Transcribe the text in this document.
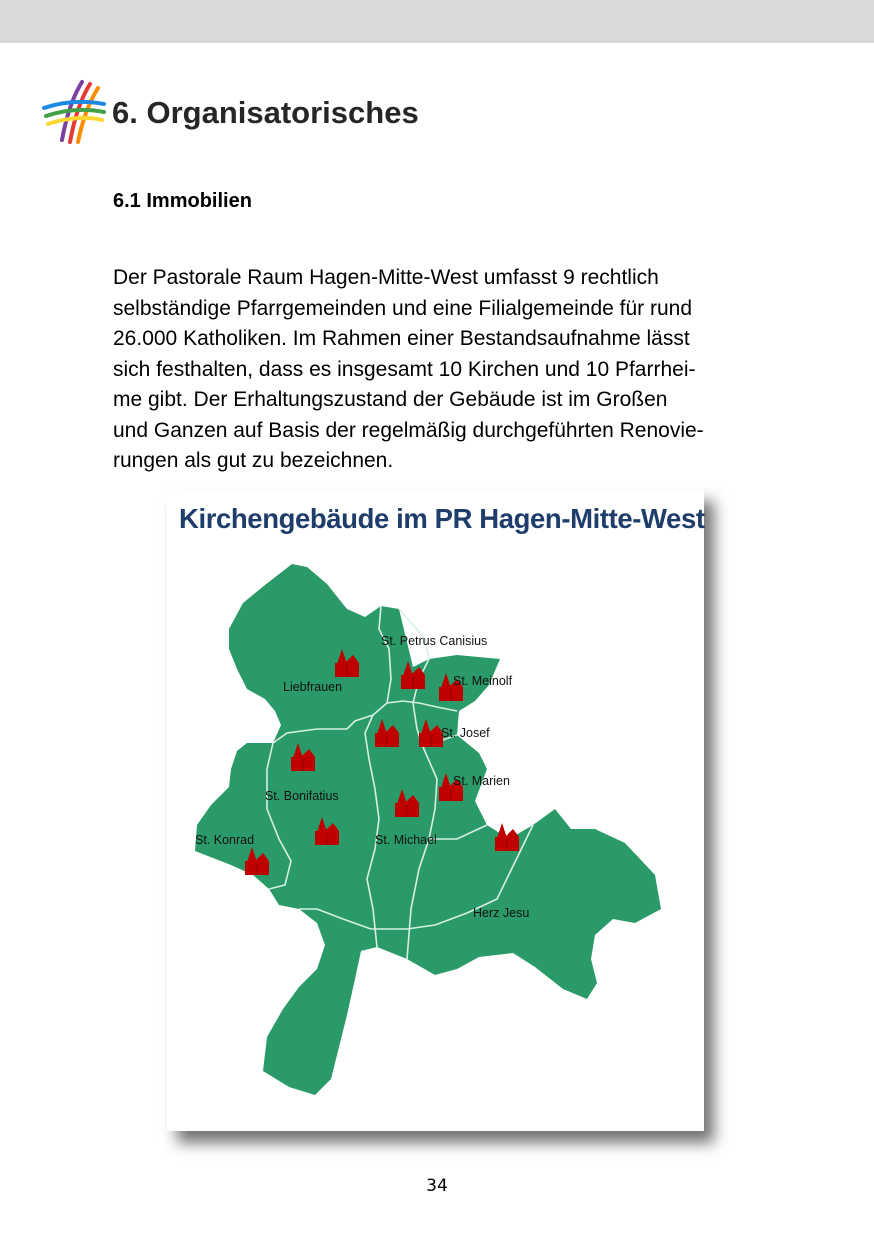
6. Organisatorisches
6.1 Immobilien

Der Pastorale Raum Hagen-Mitte-West umfasst 9 rechtlich
selbständige Pfarrgemeinden und eine Filialgemeinde für rund
26.000 Katholiken. Im Rahmen einer Bestandsaufnahme lässt
sich festhalten, dass es insgesamt 10 Kirchen und 10 Pfarrhei-
me gibt. Der Erhaltungszustand der Gebäude ist im Großen
und Ganzen auf Basis der regelmäßig durchgeführten Renovie-
rungen als gut zu bezeichnen.

Liebfrauen
St. Petrus Canisius
St. Meinolf
St. Josef
St. Marien
St. Bonifatius
St. Konrad	St. Michael
Herz Jesu
Kirchengebäude im PR Hagen-Mitte-West
34
